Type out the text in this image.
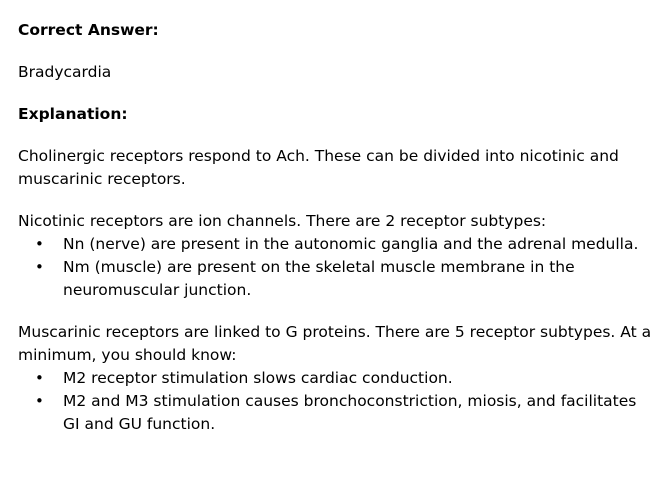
Correct Answer:

Bradycardia

Explanation:

Cholinergic receptors respond to Ach. These can be divided into nicotinic and muscarinic receptors.

Nicotinic receptors are ion channels. There are 2 receptor subtypes:

• Nn (nerve) are present in the autonomic ganglia and the adrenal medulla.
• Nm (muscle) are present on the skeletal muscle membrane in the neuromuscular junction.

Muscarinic receptors are linked to G proteins. There are 5 receptor subtypes. At a minimum, you should know:

• M2 receptor stimulation slows cardiac conduction.
• M2 and M3 stimulation causes bronchoconstriction, miosis, and facilitates GI and GU function.
